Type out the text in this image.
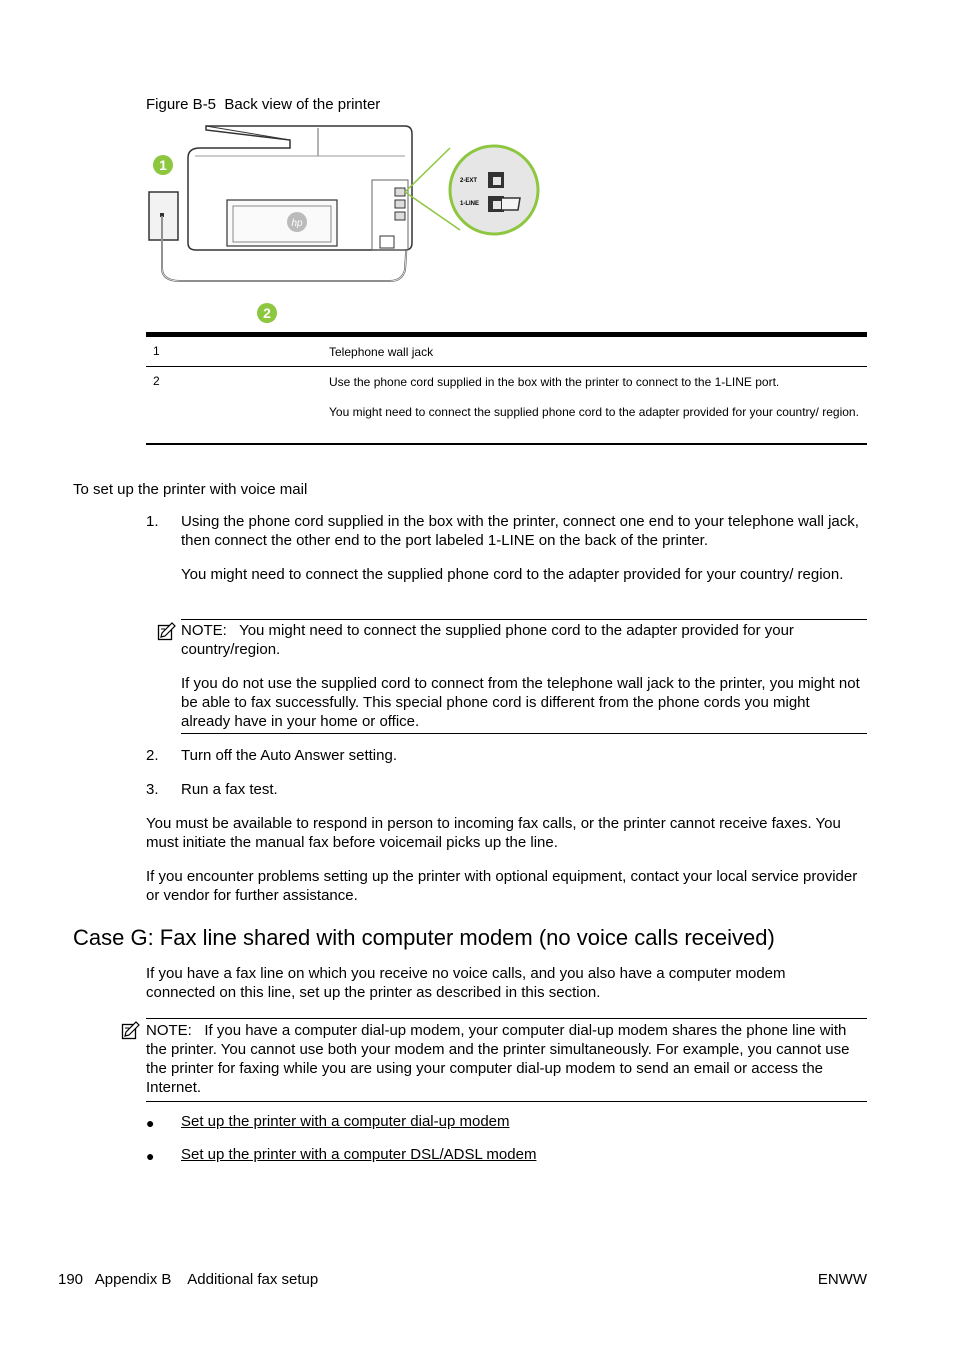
Figure B-5 Back view of the printer
1
2
hp
2-EXT
1-LINE
1	Telephone wall jack
2	Use the phone cord supplied in the box with the printer to connect to the 1-LINE port.
You might need to connect the supplied phone cord to the adapter provided for your country/ region.
To set up the printer with voice mail
1. Using the phone cord supplied in the box with the printer, connect one end to your telephone wall jack, then connect the other end to the port labeled 1-LINE on the back of the printer.
You might need to connect the supplied phone cord to the adapter provided for your country/ region.
NOTE: You might need to connect the supplied phone cord to the adapter provided for your country/region.
If you do not use the supplied cord to connect from the telephone wall jack to the printer, you might not be able to fax successfully. This special phone cord is different from the phone cords you might already have in your home or office.
2. Turn off the Auto Answer setting.
3. Run a fax test.
You must be available to respond in person to incoming fax calls, or the printer cannot receive faxes. You must initiate the manual fax before voicemail picks up the line.
If you encounter problems setting up the printer with optional equipment, contact your local service provider or vendor for further assistance.
Case G: Fax line shared with computer modem (no voice calls received)
If you have a fax line on which you receive no voice calls, and you also have a computer modem connected on this line, set up the printer as described in this section.
NOTE: If you have a computer dial-up modem, your computer dial-up modem shares the phone line with the printer. You cannot use both your modem and the printer simultaneously. For example, you cannot use the printer for faxing while you are using your computer dial-up modem to send an email or access the Internet.
● Set up the printer with a computer dial-up modem
● Set up the printer with a computer DSL/ADSL modem
190 Appendix B Additional fax setup	ENWW
